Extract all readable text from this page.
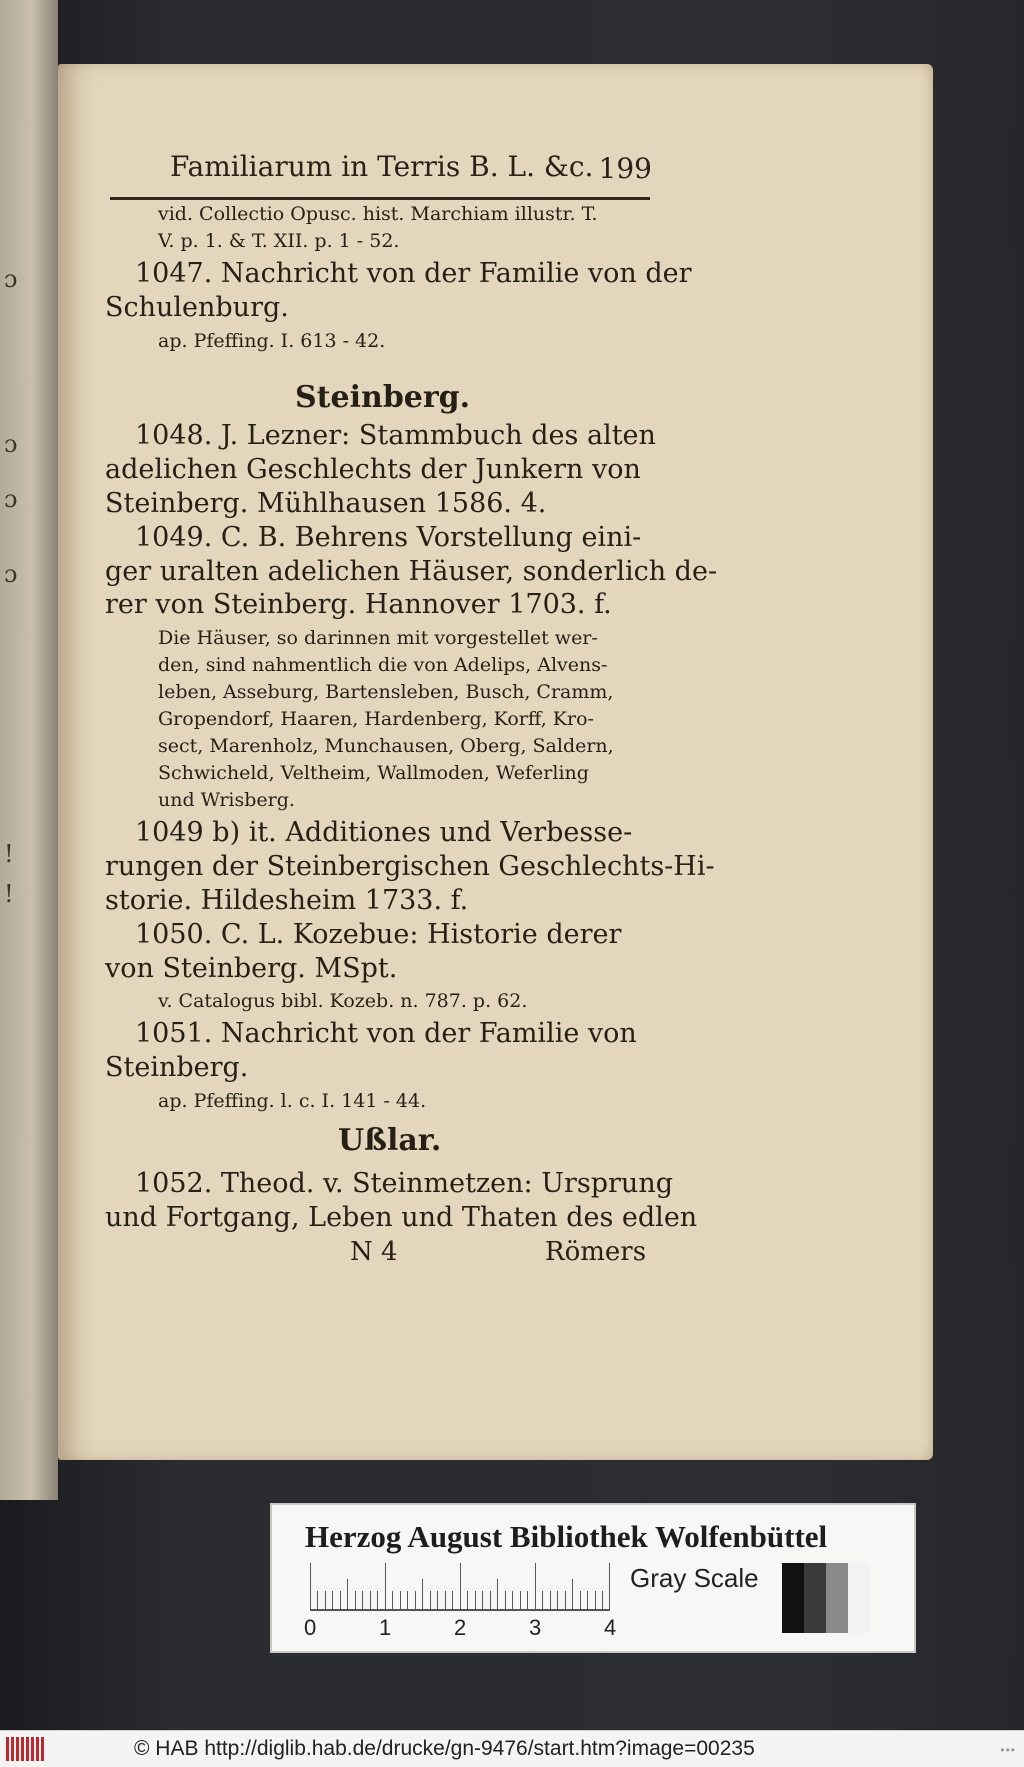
ɔ
ɔ
ɔ
ɔ
!
!
Familiarum in Terris B. L. &c. 199
vid. Collectio Opusc. hist. Marchiam illustr. T.
V. p. 1. & T. XII. p. 1 - 52.
1047. Nachricht von der Familie von der
Schulenburg.
ap. Pfeffing. I. 613 - 42.
Steinberg.
1048. J. Lezner: Stammbuch des alten
adelichen Geschlechts der Junkern von
Steinberg. Mühlhausen 1586. 4.
1049. C. B. Behrens Vorstellung eini-
ger uralten adelichen Häuser, sonderlich de-
rer von Steinberg. Hannover 1703. f.
Die Häuser, so darinnen mit vorgestellet wer-
den, sind nahmentlich die von Adelips, Alvens-
leben, Asseburg, Bartensleben, Busch, Cramm,
Gropendorf, Haaren, Hardenberg, Korff, Kro-
sect, Marenholz, Munchausen, Oberg, Saldern,
Schwicheld, Veltheim, Wallmoden, Weferling
und Wrisberg.
1049 b) it. Additiones und Verbesse-
rungen der Steinbergischen Geschlechts-Hi-
storie. Hildesheim 1733. f.
1050. C. L. Kozebue: Historie derer
von Steinberg. MSpt.
v. Catalogus bibl. Kozeb. n. 787. p. 62.
1051. Nachricht von der Familie von
Steinberg.
ap. Pfeffing. l. c. I. 141 - 44.
Ußlar.
1052. Theod. v. Steinmetzen: Ursprung
und Fortgang, Leben und Thaten des edlen
N 4	Römers
Herzog August Bibliothek Wolfenbüttel
0	1	2	3	4
Gray Scale
© HAB http://diglib.hab.de/drucke/gn-9476/start.htm?image=00235	•••
